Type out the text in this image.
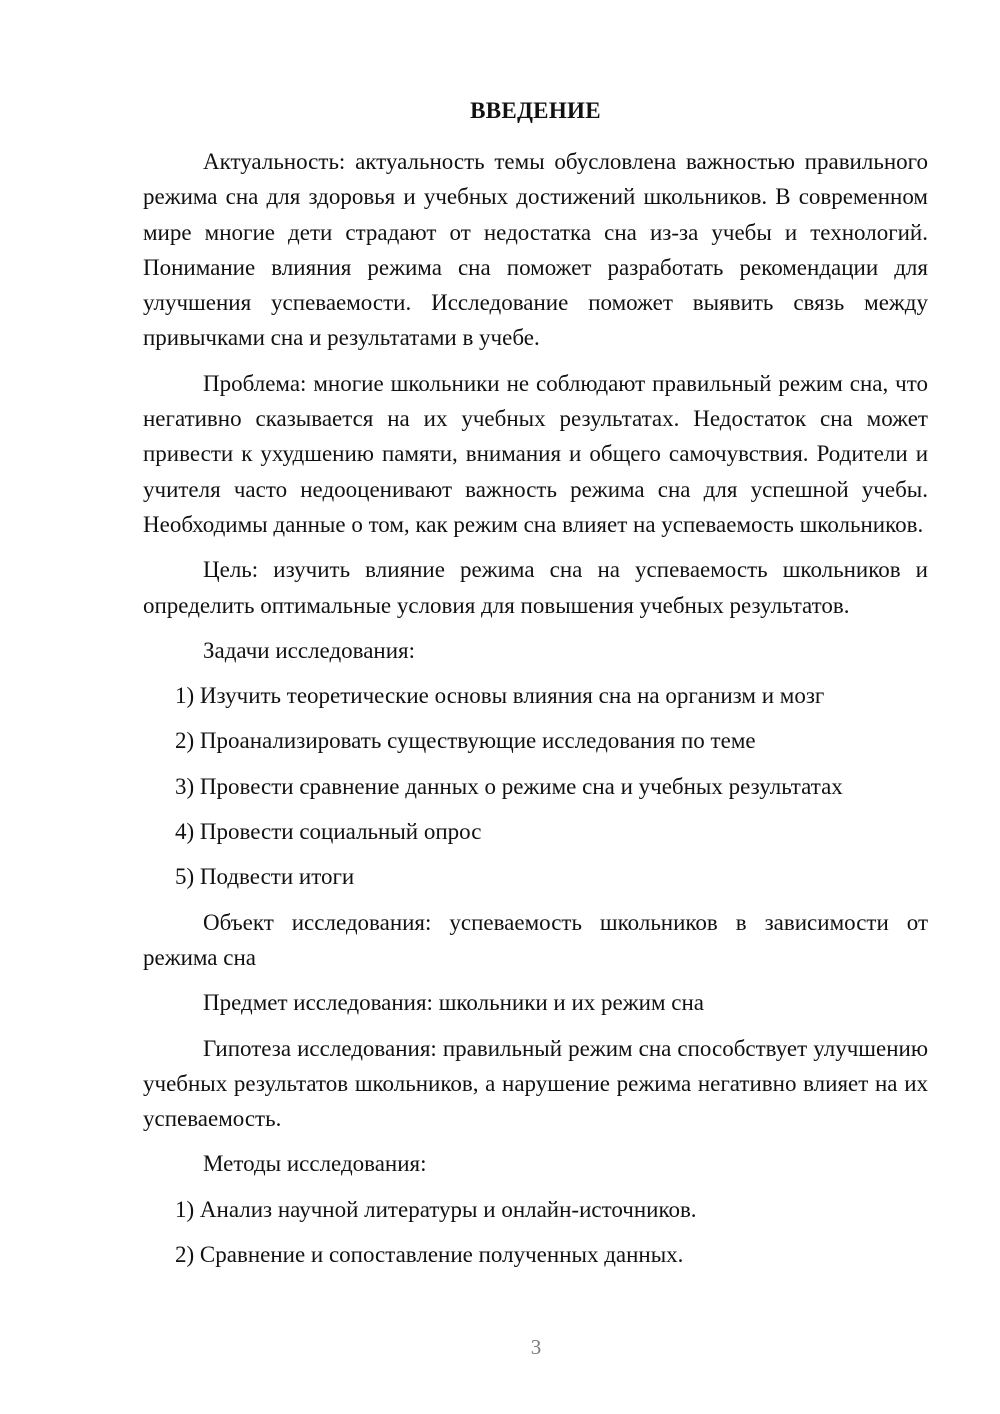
ВВЕДЕНИЕ

Актуальность: актуальность темы обусловлена важностью правильного режима сна для здоровья и учебных достижений школьников. В современном мире многие дети страдают от недостатка сна из-за учебы и технологий. Понимание влияния режима сна поможет разработать рекомендации для улучшения успеваемости. Исследование поможет выявить связь между привычками сна и результатами в учебе.

Проблема: многие школьники не соблюдают правильный режим сна, что негативно сказывается на их учебных результатах. Недостаток сна может привести к ухудшению памяти, внимания и общего самочувствия. Родители и учителя часто недооценивают важность режима сна для успешной учебы. Необходимы данные о том, как режим сна влияет на успеваемость школьников.

Цель: изучить влияние режима сна на успеваемость школьников и определить оптимальные условия для повышения учебных результатов.

Задачи исследования:

1) Изучить теоретические основы влияния сна на организм и мозг
2) Проанализировать существующие исследования по теме
3) Провести сравнение данных о режиме сна и учебных результатах
4) Провести социальный опрос
5) Подвести итоги

Объект исследования: успеваемость школьников в зависимости от режима сна

Предмет исследования: школьники и их режим сна

Гипотеза исследования: правильный режим сна способствует улучшению учебных результатов школьников, а нарушение режима негативно влияет на их успеваемость.

Методы исследования:

1) Анализ научной литературы и онлайн-источников.
2) Сравнение и сопоставление полученных данных.
3
